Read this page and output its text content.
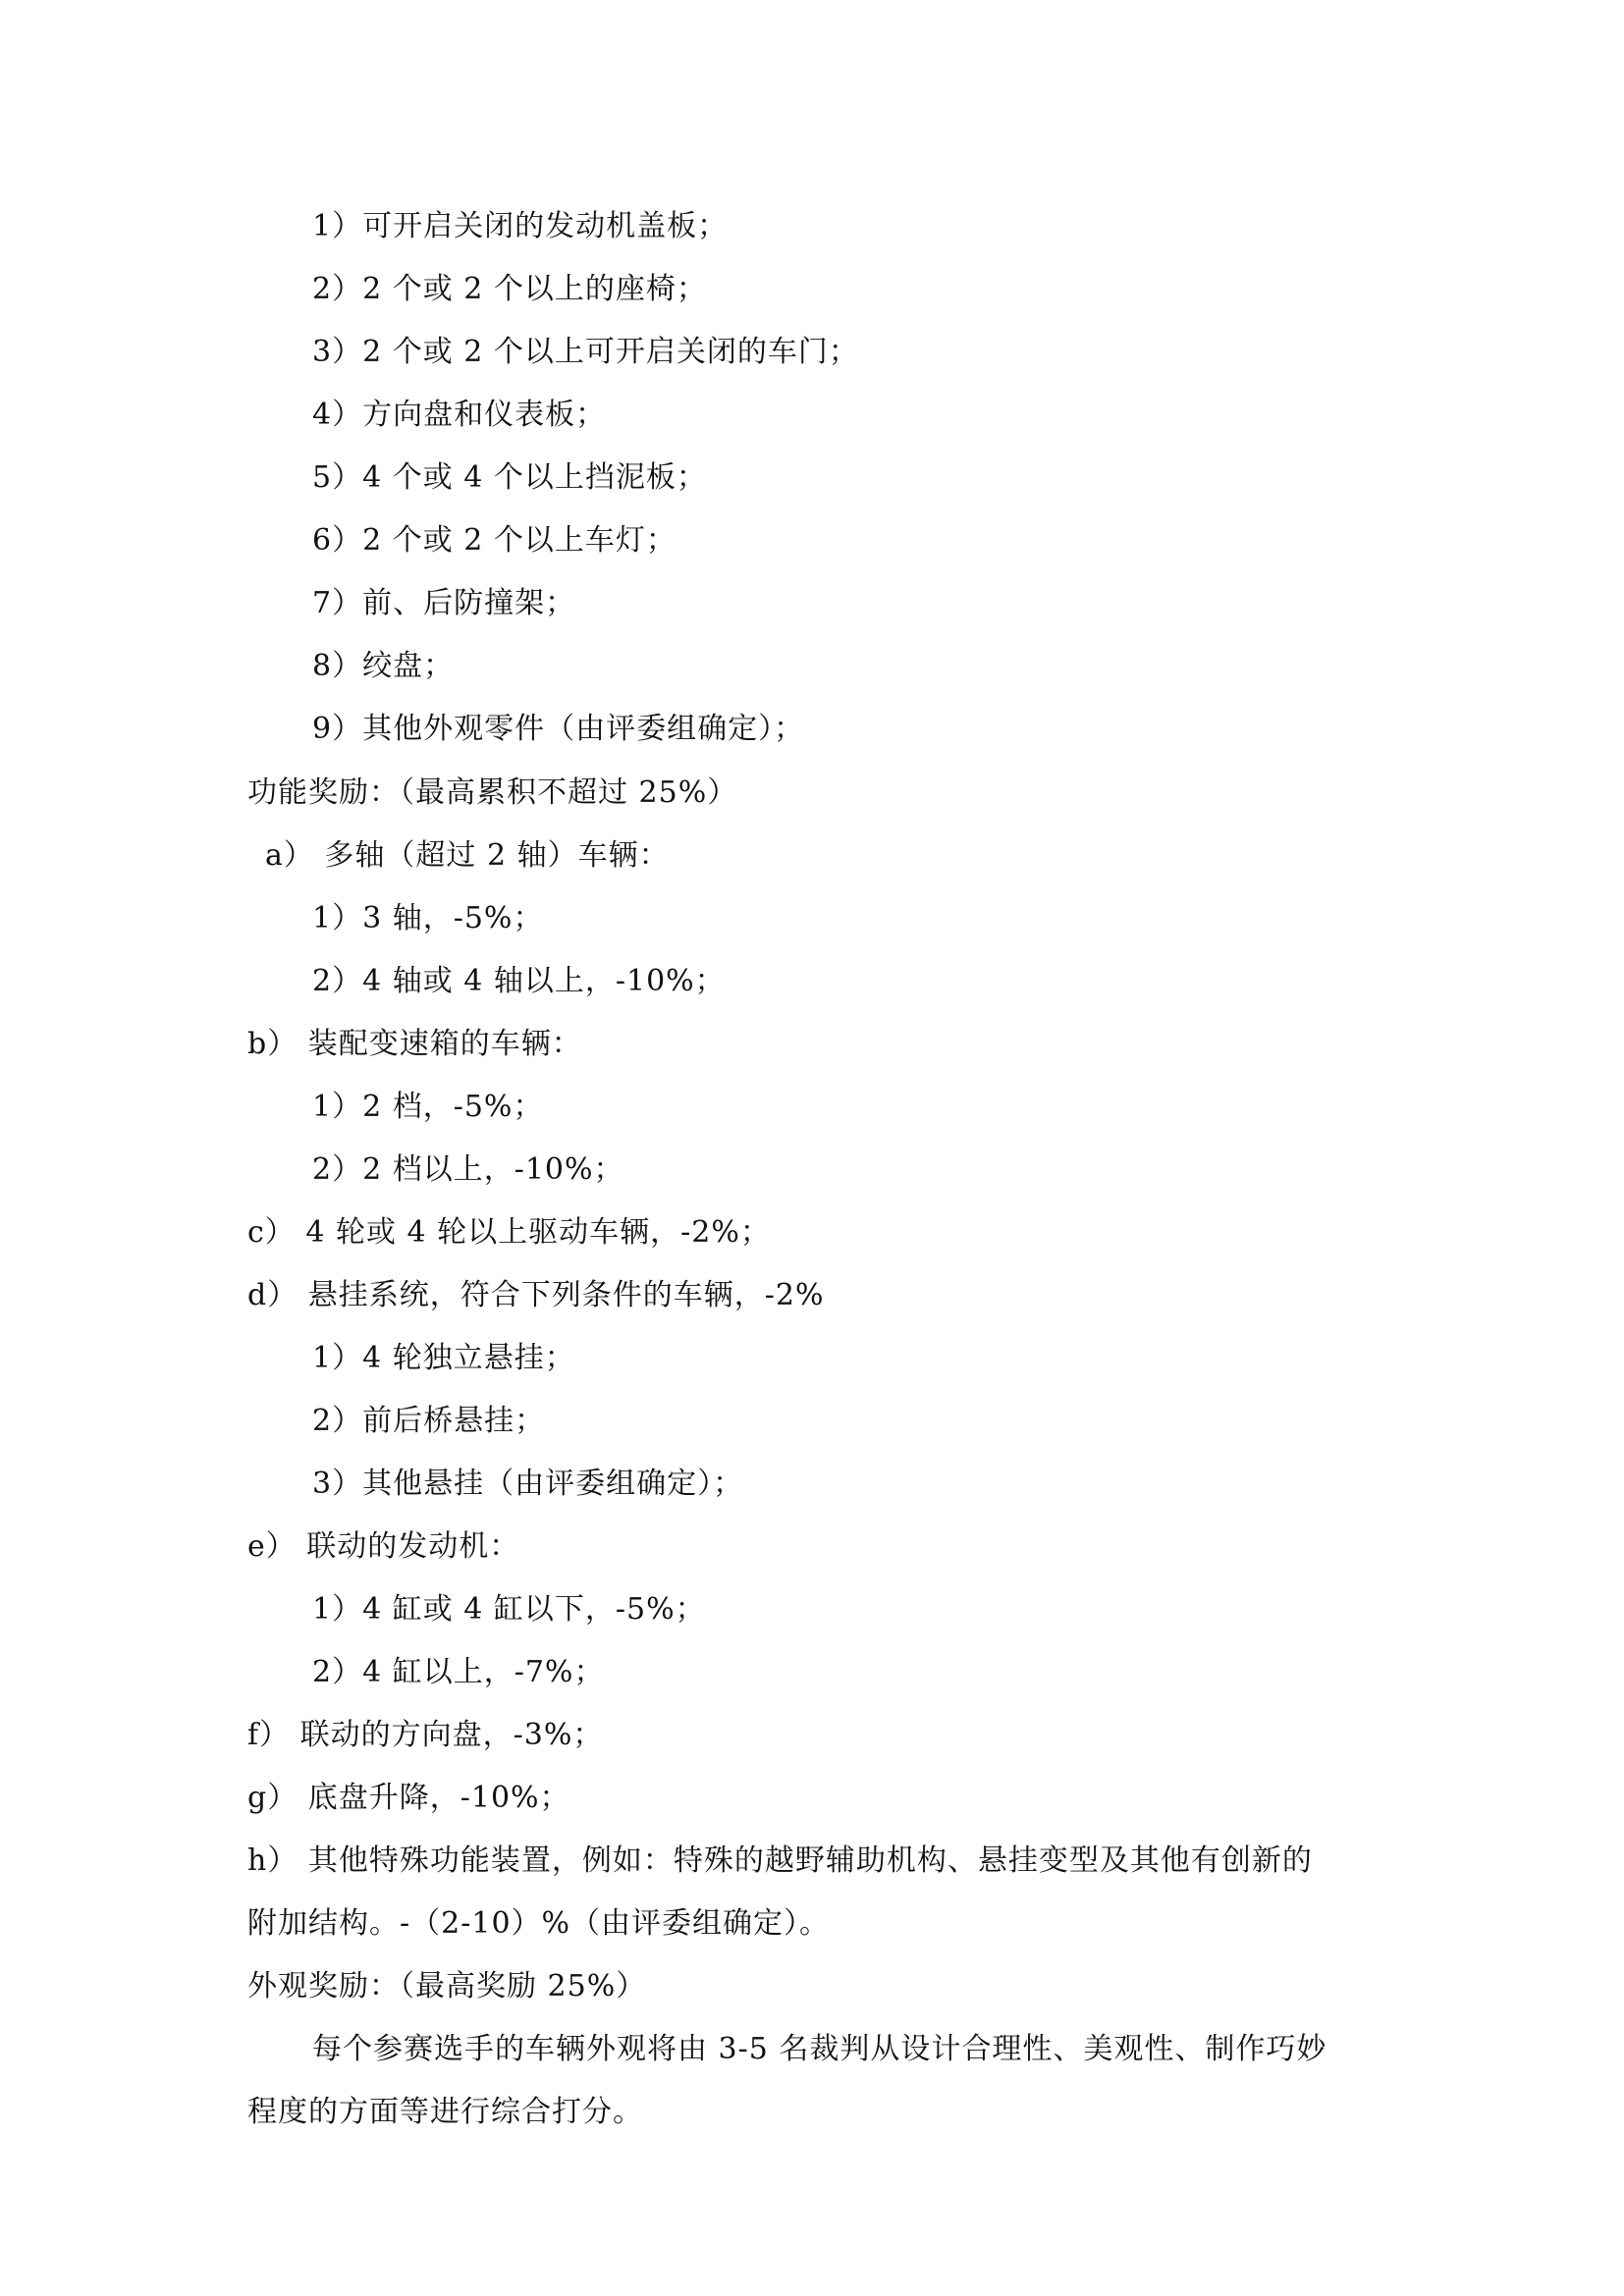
1）可开启关闭的发动机盖板；
2）2 个或 2 个以上的座椅；
3）2 个或 2 个以上可开启关闭的车门；
4）方向盘和仪表板；
5）4 个或 4 个以上挡泥板；
6）2 个或 2 个以上车灯；
7）前、后防撞架；
8）绞盘；
9）其他外观零件（由评委组确定）；
功能奖励：（最高累积不超过 25%）
a） 多轴（超过 2 轴）车辆：
1）3 轴，-5%；
2）4 轴或 4 轴以上，-10%；
b） 装配变速箱的车辆：
1）2 档，-5%；
2）2 档以上，-10%；
c） 4 轮或 4 轮以上驱动车辆，-2%；
d） 悬挂系统，符合下列条件的车辆，-2%
1）4 轮独立悬挂；
2）前后桥悬挂；
3）其他悬挂（由评委组确定）；
e） 联动的发动机：
1）4 缸或 4 缸以下，-5%；
2）4 缸以上，-7%；
f） 联动的方向盘，-3%；
g） 底盘升降，-10%；
h） 其他特殊功能装置，例如：特殊的越野辅助机构、悬挂变型及其他有创新的
附加结构。-（2-10）%（由评委组确定）。
外观奖励：（最高奖励 25%）
每个参赛选手的车辆外观将由 3-5 名裁判从设计合理性、美观性、制作巧妙
程度的方面等进行综合打分。
